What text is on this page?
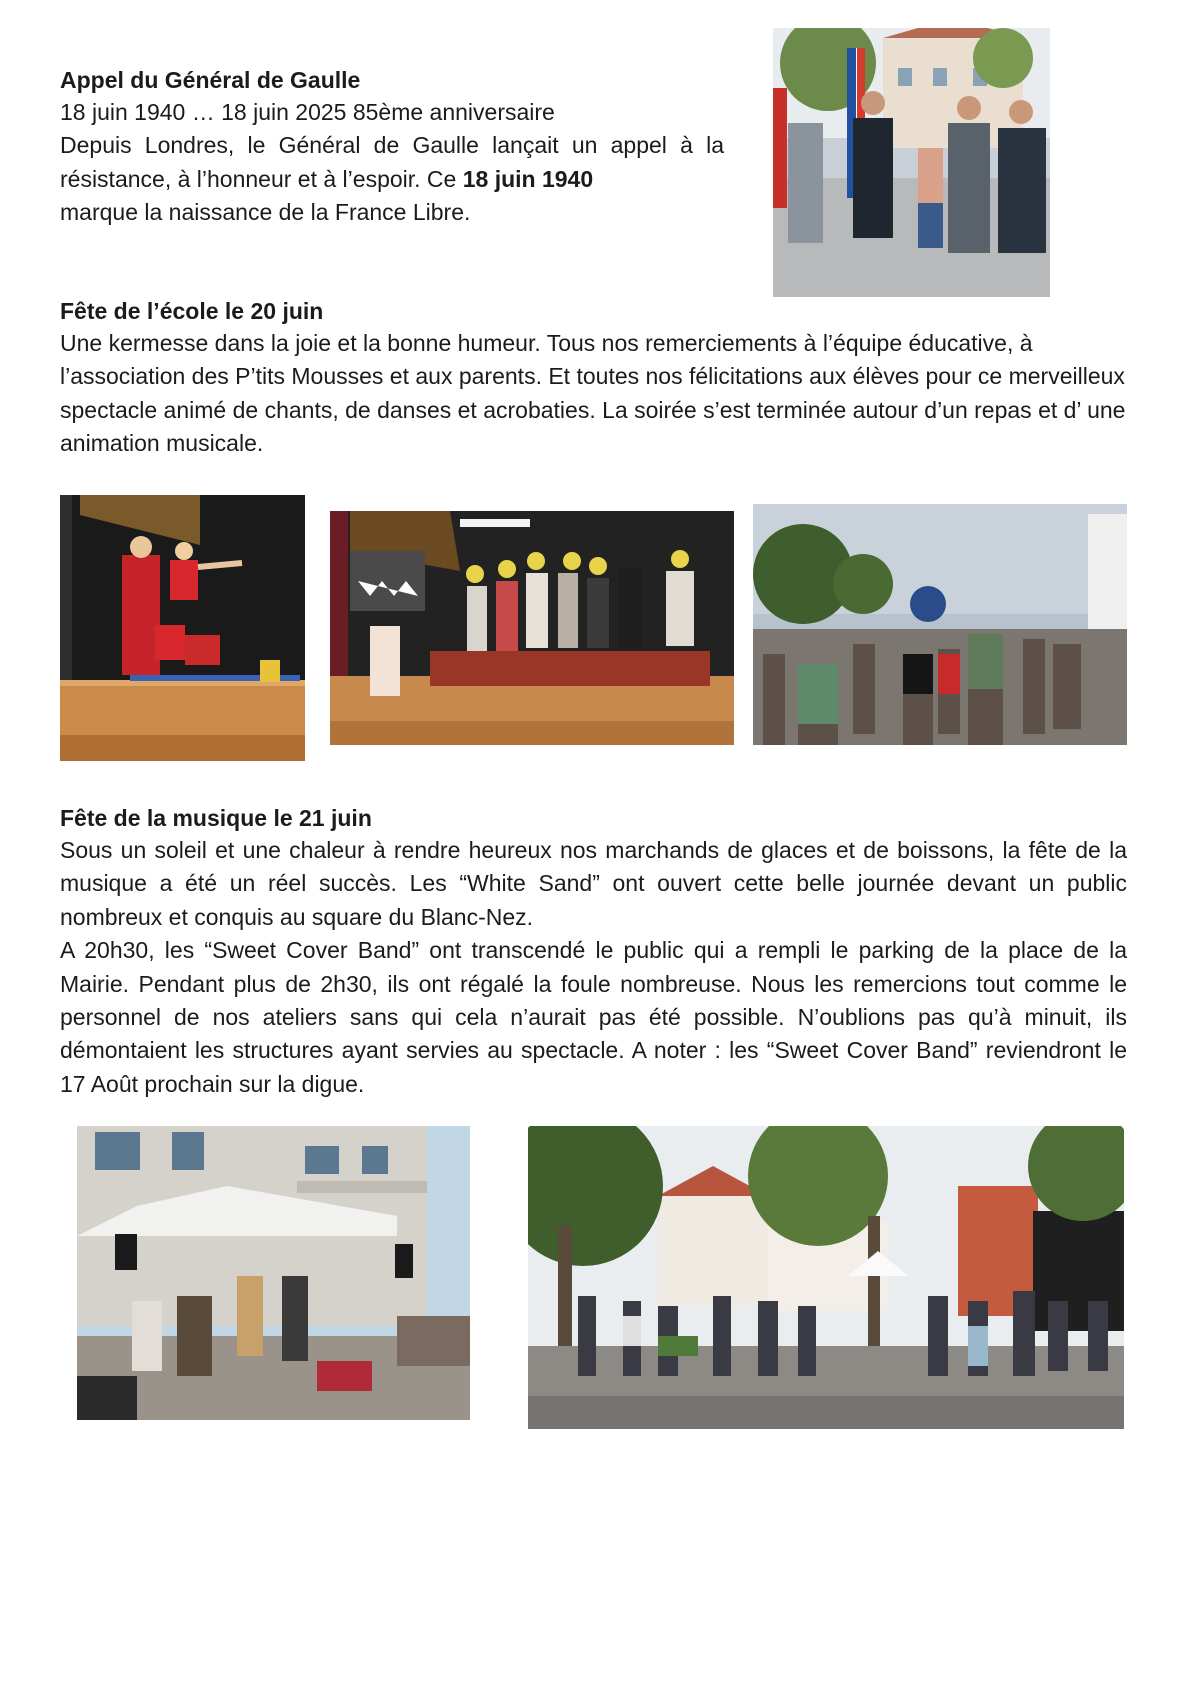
Appel du Général de Gaulle

18 juin 1940 … 18 juin 2025 85ème anniversaire

Depuis Londres, le Général de Gaulle lançait un appel à la résistance, à l’honneur et à l’espoir. Ce 18 juin 1940

marque la naissance de la France Libre.

Fête de l’école le 20 juin

Une kermesse dans la joie et la bonne humeur. Tous nos remerciements à l’équipe éducative, à l’association des P’tits Mousses et aux parents. Et toutes nos félicitations aux élèves pour ce merveilleux spectacle animé de chants, de danses et acrobaties. La soirée s’est terminée autour d’un repas et d’ une animation musicale.

Fête de la musique le 21 juin

Sous un soleil et une chaleur à rendre heureux nos marchands de glaces et de boissons, la fête de la musique a été un réel succès. Les “White Sand” ont ouvert cette belle journée devant un public nombreux et conquis au square du Blanc-Nez.

A 20h30, les “Sweet Cover Band” ont transcendé le public qui a rempli le parking de la place de la Mairie. Pendant plus de 2h30, ils ont régalé la foule nombreuse. Nous les remercions tout comme le personnel de nos ateliers sans qui cela n’aurait pas été possible. N’oublions pas qu’à minuit, ils démontaient les structures ayant servies au spectacle. A noter : les “Sweet Cover Band” reviendront le 17 Août prochain sur la digue.
